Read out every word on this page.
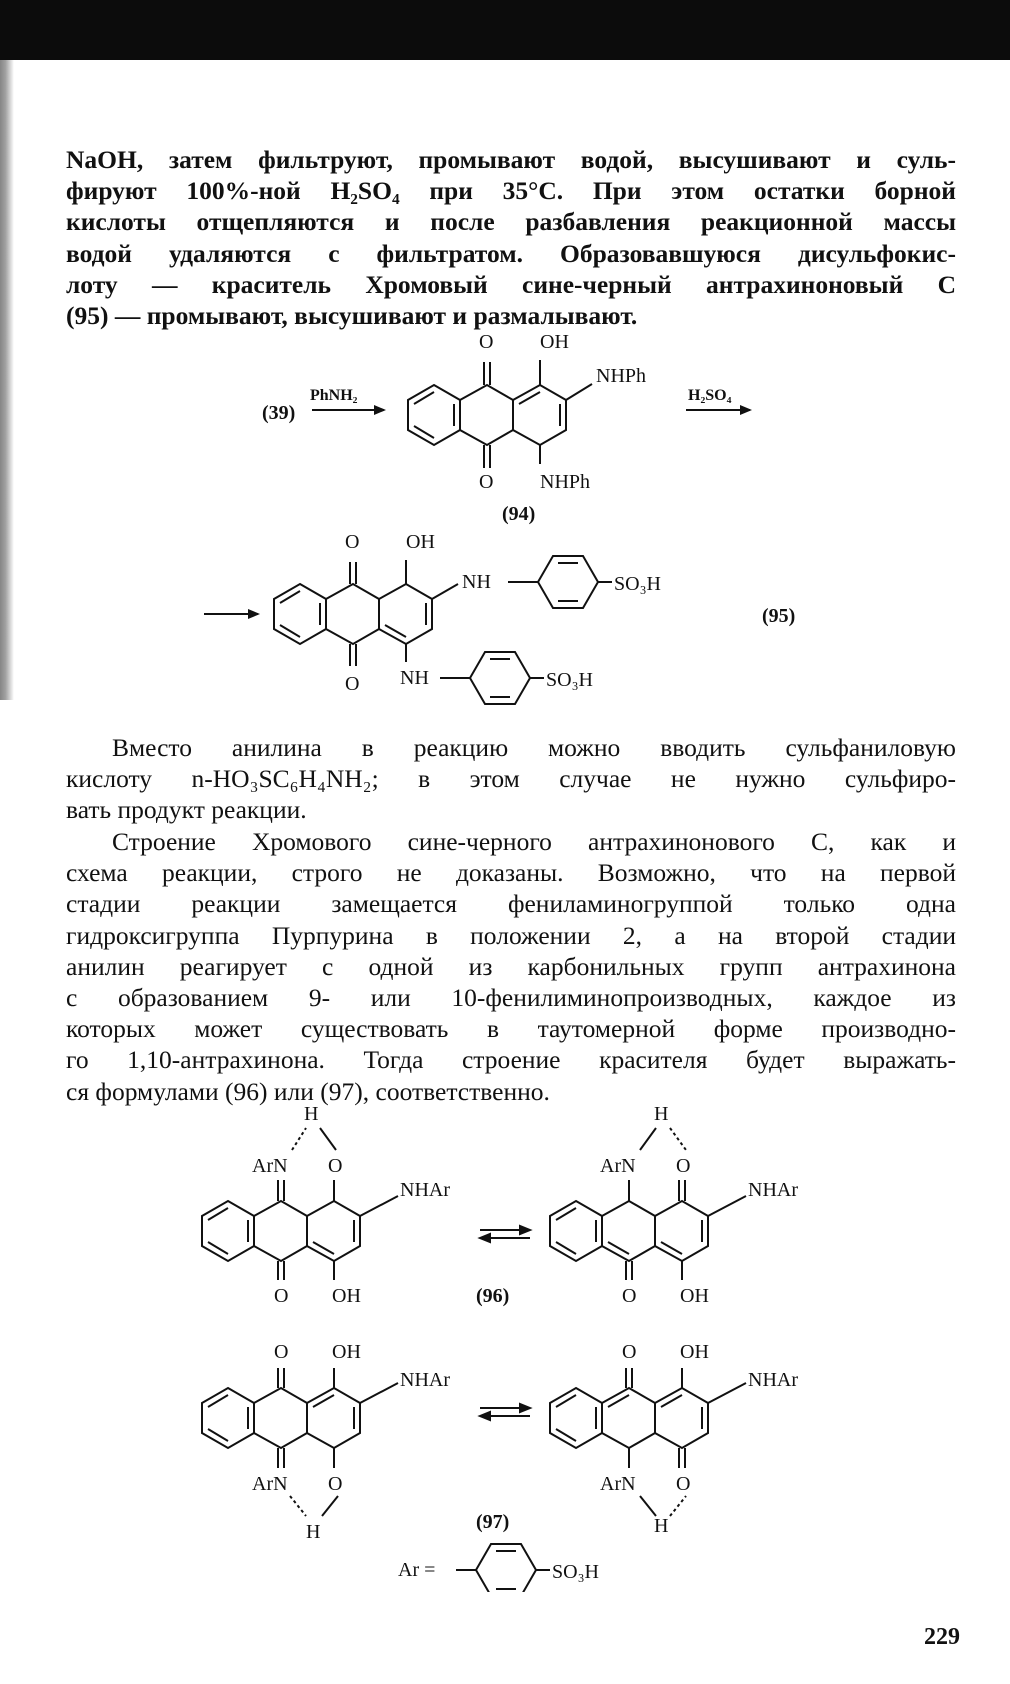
NaOH, затем фильтруют, промывают водой, высушивают и суль-
фируют 100%-ной H₂SO₄ при 35°C. При этом остатки борной
кислоты отщепляются и после разбавления реакционной массы
водой удаляются с фильтратом. Образовавшуюся дисульфокис-
лоту — краситель Хромовый сине-черный антрахиноновый С
(95) — промывают, высушивают и размалывают.
(39)
PhNH₂
O OH
NHPh
O NHPh
(94)
H₂SO₄
O OH
NH	SO₃H
O NH	SO₃H
(95)
Вместо анилина в реакцию можно вводить сульфаниловую
кислоту n-HO₃SC₆H₄NH₂; в этом случае не нужно сульфиро-
вать продукт реакции.
Строение Хромового сине-черного антрахинонового С, как и
схема реакции, строго не доказаны. Возможно, что на первой
стадии реакции замещается фениламиногруппой только одна
гидроксигруппа Пурпурина в положении 2, а на второй стадии
анилин реагирует с одной из карбонильных групп антрахинона
с образованием 9- или 10-фенилиминопроизводных, каждое из
которых может существовать в таутомерной форме производно-
го 1,10-антрахинона. Тогда строение красителя будет выражать-
ся формулами (96) или (97), соответственно.
H
ArN O
NHAr
O OH	(96)
H
ArN O
NHAr
O OH
O OH
NHAr
ArN O
H
O OH
NHAr
ArN O
H
(97)
Ar =	SO₃H
229
